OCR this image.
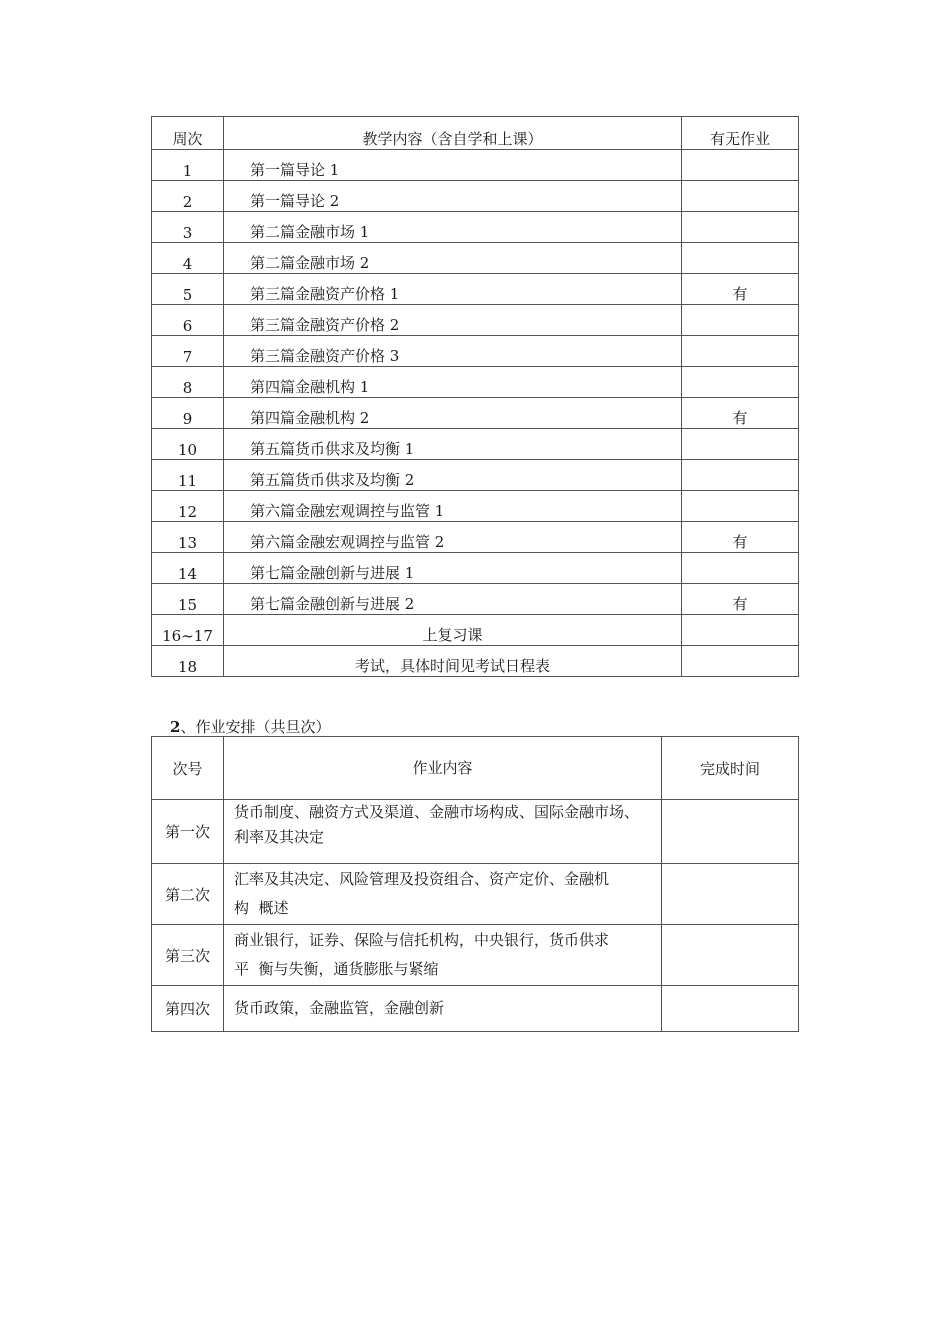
周次	教学内容（含自学和上课）	有无作业
1	第一篇导论 1	
2	第一篇导论 2	
3	第二篇金融市场 1	
4	第二篇金融市场 2	
5	第三篇金融资产价格 1	有
6	第三篇金融资产价格 2	
7	第三篇金融资产价格 3	
8	第四篇金融机构 1	
9	第四篇金融机构 2	有
10	第五篇货币供求及均衡 1	
11	第五篇货币供求及均衡 2	
12	第六篇金融宏观调控与监管 1	
13	第六篇金融宏观调控与监管 2	有
14	第七篇金融创新与进展 1	
15	第七篇金融创新与进展 2	有
16~17	上复习课	
18	考试，具体时间见考试日程表	
2、作业安排（共旦次）
次号	作业内容	完成时间
第一次	货币制度、融资方式及渠道、金融市场构成、国际金融市场、
利率及其决定	

第二次	汇率及其决定、风险管理及投资组合、资产定价、金融机
构  概述	

第三次	商业银行，证券、保险与信托机构，中央银行，货币供求
平  衡与失衡，通货膨胀与紧缩	

第四次	货币政策，金融监管，金融创新	
